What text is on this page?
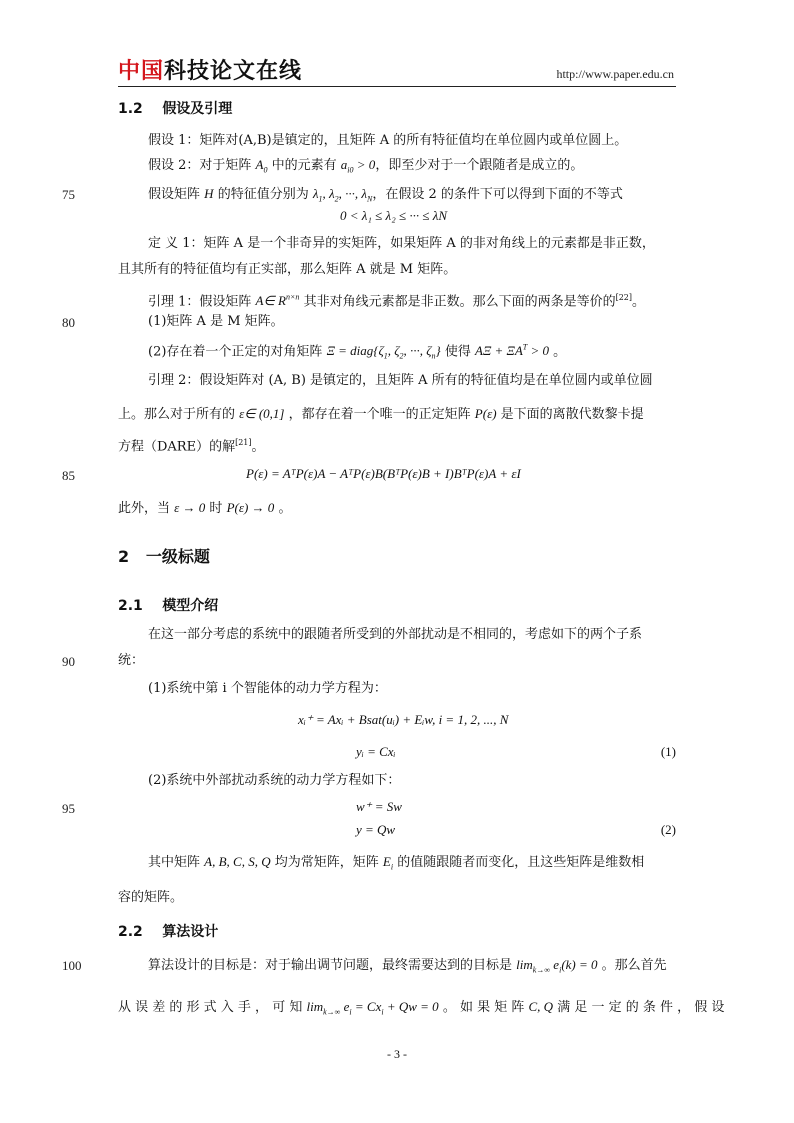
中国科技论文在线	http://www.paper.edu.cn
1.2 假设及引理
假设 1：矩阵对(A,B)是镇定的，且矩阵 A 的所有特征值均在单位圆内或单位圆上。
假设 2：对于矩阵 $A_0$ 中的元素有 $a_{i0} > 0$，即至少对于一个跟随者是成立的。
75	假设矩阵 H 的特征值分别为 $\lambda_1$, $\lambda_2$, ···, $\lambda_N$，在假设 2 的条件下可以得到下面的不等式
0 < λ₁ ≤ λ₂ ≤ ··· ≤ λN
定 义 1：矩阵 A 是一个非奇异的实矩阵，如果矩阵 A 的非对角线上的元素都是非正数，
且其所有的特征值均有正实部，那么矩阵 A 就是 M 矩阵。
引理 1：假设矩阵 A∈ $R^{n\times n}$ 其非对角线元素都是非正数。那么下面的两条是等价的[22]。
80	(1)矩阵 A 是 M 矩阵。
(2)存在着一个正定的对角矩阵 $\Xi = diag\{\zeta_1$, $\zeta_2$, ···, $\zeta_n$} 使得 $A\Xi + \Xi A^T > 0$ 。
引理 2：假设矩阵对 (A, B) 是镇定的，且矩阵 A 所有的特征值均是在单位圆内或单位圆
上。那么对于所有的 ε∈ (0,1] ，都存在着一个唯一的正定矩阵 P(ε) 是下面的离散代数黎卡提
方程（DARE）的解[21]。
85	P(ε) = AᵀP(ε)A − AᵀP(ε)B(BᵀP(ε)B + I)BᵀP(ε)A + εI
此外，当 ε → 0 时 P(ε) → 0 。
2 一级标题
2.1 模型介绍
在这一部分考虑的系统中的跟随者所受到的外部扰动是不相同的，考虑如下的两个子系
90	统：
(1)系统中第 i 个智能体的动力学方程为：
xᵢ⁺ = Axᵢ + Bsat(uᵢ) + Eᵢw, i = 1, 2, ..., N
yᵢ = Cxᵢ	(1)
(2)系统中外部扰动系统的动力学方程如下：
95	w⁺ = Sw
y = Qw	(2)
其中矩阵 A, B, C, S, Q 均为常矩阵，矩阵 $E_i$ 的值随跟随者而变化，且这些矩阵是维数相
容的矩阵。
2.2 算法设计
100	算法设计的目标是：对于输出调节问题，最终需要达到的目标是 $\lim_{k\to\infty} e_i(k) = 0$ 。那么首先
从 误 差 的 形 式 入 手 ， 可 知 $\lim_{k\to\infty} e_i = Cx_i + Qw = 0$ 。 如 果 矩 阵 C, Q 满 足 一 定 的 条 件 ， 假 设
- 3 -
